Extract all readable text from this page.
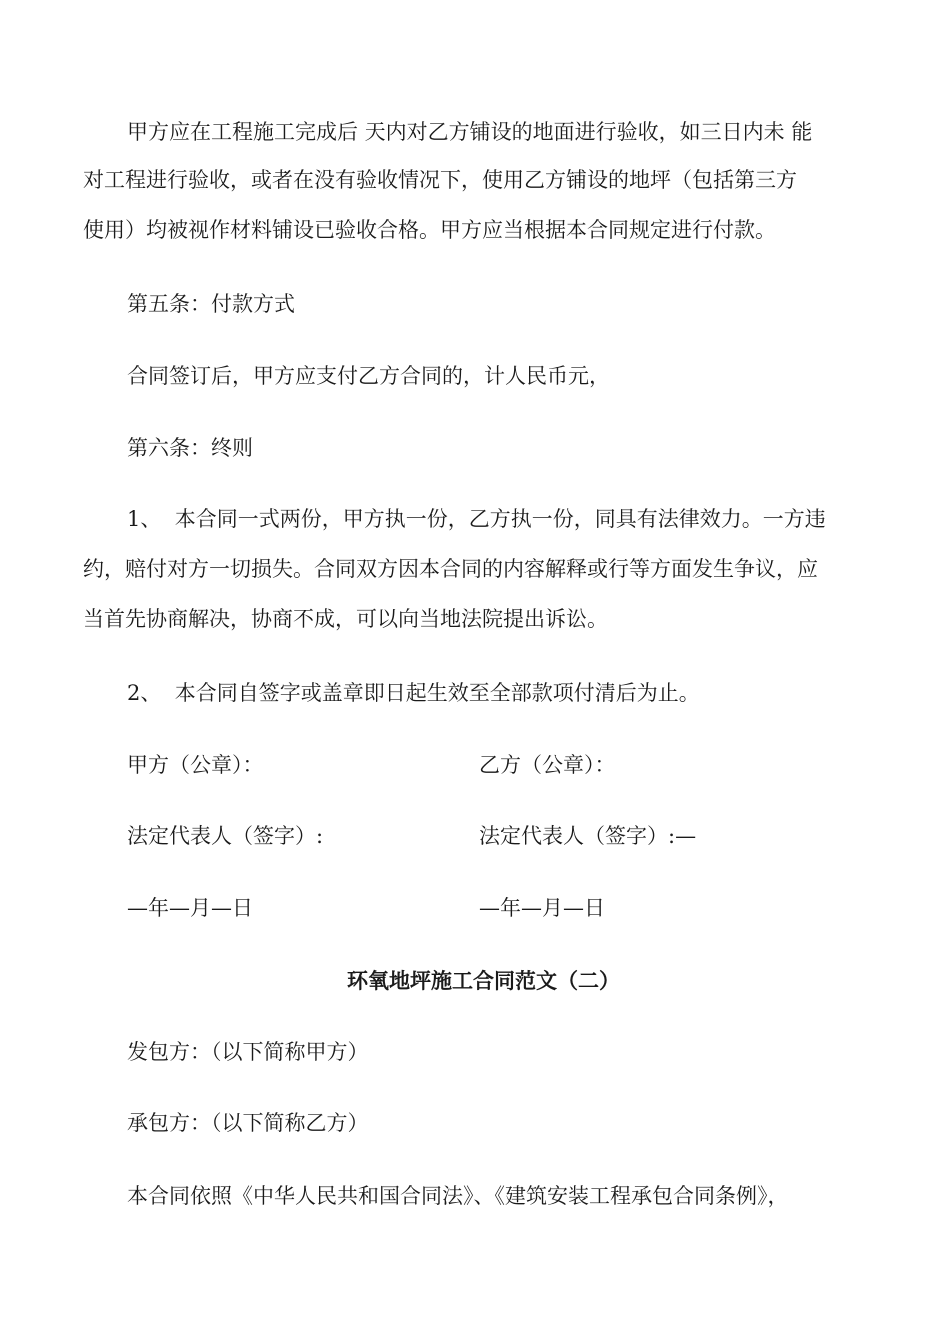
甲方应在工程施工完成后 天内对乙方铺设的地面进行验收，如三日内未 能
对工程进行验收，或者在没有验收情况下，使用乙方铺设的地坪（包括第三方
使用）均被视作材料铺设已验收合格。甲方应当根据本合同规定进行付款。
第五条：付款方式
合同签订后，甲方应支付乙方合同的，计人民币元，
第六条：终则
1、  本合同一式两份，甲方执一份，乙方执一份，同具有法律效力。一方违
约，赔付对方一切损失。合同双方因本合同的内容解释或行等方面发生争议，应
当首先协商解决，协商不成，可以向当地法院提出诉讼。
2、  本合同自签字或盖章即日起生效至全部款项付清后为止。
甲方（公章）：	乙方（公章）：
法定代表人（签字）:	法定代表人（签字）:—
—年—月—日	—年—月—日
环氧地坪施工合同范文（二）
发包方：（以下简称甲方）
承包方：（以下简称乙方）
本合同依照《中华人民共和国合同法》、《建筑安装工程承包合同条例》，
